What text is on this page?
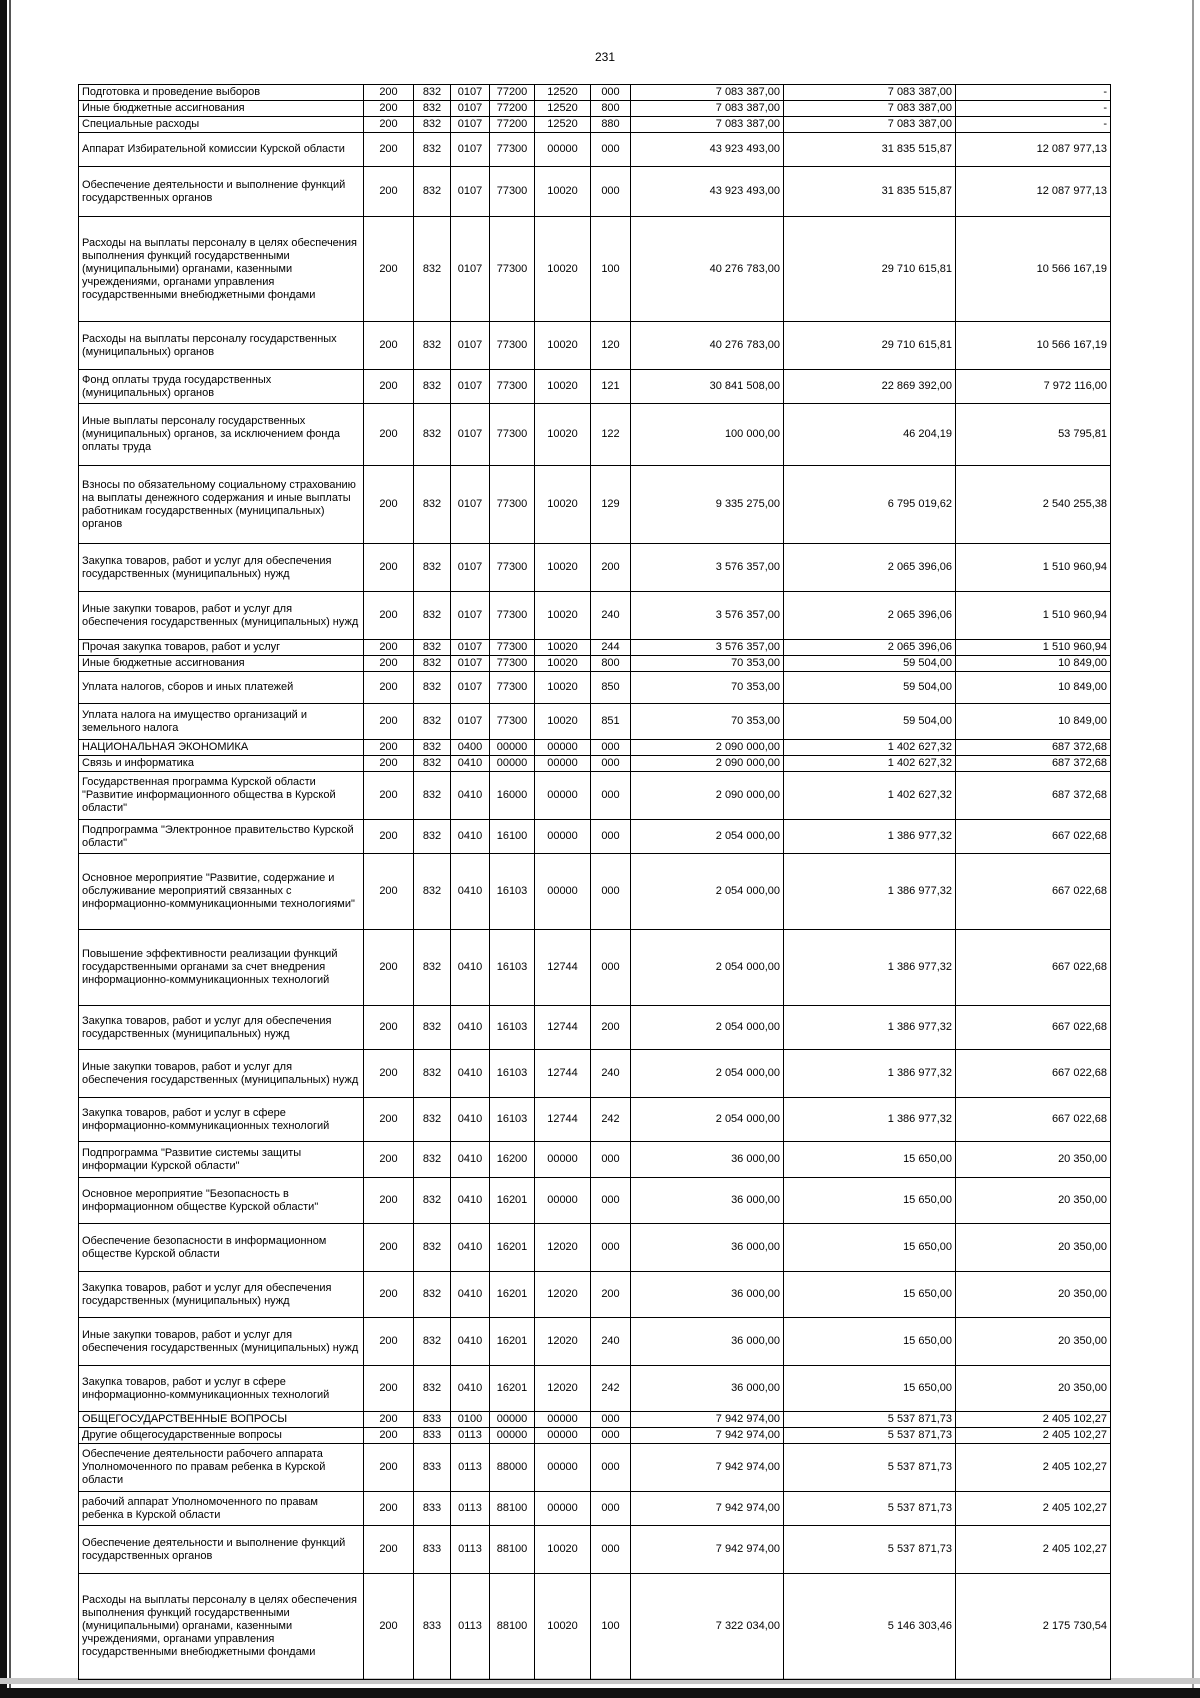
231
Подготовка и проведение выборов	200	832	0107	77200	12520	000	7 083 387,00	7 083 387,00	-
Иные бюджетные ассигнования	200	832	0107	77200	12520	800	7 083 387,00	7 083 387,00	-
Специальные расходы	200	832	0107	77200	12520	880	7 083 387,00	7 083 387,00	-
Аппарат Избирательной комиссии Курской области	200	832	0107	77300	00000	000	43 923 493,00	31 835 515,87	12 087 977,13
Обеспечение деятельности и выполнение функций государственных органов	200	832	0107	77300	10020	000	43 923 493,00	31 835 515,87	12 087 977,13
Расходы на выплаты персоналу в целях обеспечения выполнения функций государственными (муниципальными) органами, казенными учреждениями, органами управления государственными внебюджетными фондами	200	832	0107	77300	10020	100	40 276 783,00	29 710 615,81	10 566 167,19
Расходы на выплаты персоналу государственных (муниципальных) органов	200	832	0107	77300	10020	120	40 276 783,00	29 710 615,81	10 566 167,19
Фонд оплаты труда государственных (муниципальных) органов	200	832	0107	77300	10020	121	30 841 508,00	22 869 392,00	7 972 116,00
Иные выплаты персоналу государственных (муниципальных) органов, за исключением фонда оплаты труда	200	832	0107	77300	10020	122	100 000,00	46 204,19	53 795,81
Взносы по обязательному социальному страхованию на выплаты денежного содержания и иные выплаты работникам государственных (муниципальных) органов	200	832	0107	77300	10020	129	9 335 275,00	6 795 019,62	2 540 255,38
Закупка товаров, работ и услуг для обеспечения государственных (муниципальных) нужд	200	832	0107	77300	10020	200	3 576 357,00	2 065 396,06	1 510 960,94
Иные закупки товаров, работ и услуг для обеспечения государственных (муниципальных) нужд	200	832	0107	77300	10020	240	3 576 357,00	2 065 396,06	1 510 960,94
Прочая закупка товаров, работ и услуг	200	832	0107	77300	10020	244	3 576 357,00	2 065 396,06	1 510 960,94
Иные бюджетные ассигнования	200	832	0107	77300	10020	800	70 353,00	59 504,00	10 849,00
Уплата налогов, сборов и иных платежей	200	832	0107	77300	10020	850	70 353,00	59 504,00	10 849,00
Уплата налога на имущество организаций и земельного налога	200	832	0107	77300	10020	851	70 353,00	59 504,00	10 849,00
НАЦИОНАЛЬНАЯ ЭКОНОМИКА	200	832	0400	00000	00000	000	2 090 000,00	1 402 627,32	687 372,68
Связь и информатика	200	832	0410	00000	00000	000	2 090 000,00	1 402 627,32	687 372,68
Государственная программа Курской области "Развитие информационного общества в Курской области"	200	832	0410	16000	00000	000	2 090 000,00	1 402 627,32	687 372,68
Подпрограмма "Электронное правительство Курской области"	200	832	0410	16100	00000	000	2 054 000,00	1 386 977,32	667 022,68
Основное мероприятие "Развитие, содержание и обслуживание мероприятий связанных с информационно-коммуникационными технологиями"	200	832	0410	16103	00000	000	2 054 000,00	1 386 977,32	667 022,68
Повышение эффективности реализации функций государственными органами за счет внедрения информационно-коммуникационных технологий	200	832	0410	16103	12744	000	2 054 000,00	1 386 977,32	667 022,68
Закупка товаров, работ и услуг для обеспечения государственных (муниципальных) нужд	200	832	0410	16103	12744	200	2 054 000,00	1 386 977,32	667 022,68
Иные закупки товаров, работ и услуг для обеспечения государственных (муниципальных) нужд	200	832	0410	16103	12744	240	2 054 000,00	1 386 977,32	667 022,68
Закупка товаров, работ и услуг в сфере информационно-коммуникационных технологий	200	832	0410	16103	12744	242	2 054 000,00	1 386 977,32	667 022,68
Подпрограмма "Развитие системы защиты информации Курской области"	200	832	0410	16200	00000	000	36 000,00	15 650,00	20 350,00
Основное мероприятие "Безопасность в информационном обществе Курской области"	200	832	0410	16201	00000	000	36 000,00	15 650,00	20 350,00
Обеспечение безопасности в информационном обществе Курской области	200	832	0410	16201	12020	000	36 000,00	15 650,00	20 350,00
Закупка товаров, работ и услуг для обеспечения государственных (муниципальных) нужд	200	832	0410	16201	12020	200	36 000,00	15 650,00	20 350,00
Иные закупки товаров, работ и услуг для обеспечения государственных (муниципальных) нужд	200	832	0410	16201	12020	240	36 000,00	15 650,00	20 350,00
Закупка товаров, работ и услуг в сфере информационно-коммуникационных технологий	200	832	0410	16201	12020	242	36 000,00	15 650,00	20 350,00
ОБЩЕГОСУДАРСТВЕННЫЕ ВОПРОСЫ	200	833	0100	00000	00000	000	7 942 974,00	5 537 871,73	2 405 102,27
Другие общегосударственные вопросы	200	833	0113	00000	00000	000	7 942 974,00	5 537 871,73	2 405 102,27
Обеспечение деятельности рабочего аппарата Уполномоченного по правам ребенка в Курской области	200	833	0113	88000	00000	000	7 942 974,00	5 537 871,73	2 405 102,27
рабочий аппарат Уполномоченного по правам ребенка в Курской области	200	833	0113	88100	00000	000	7 942 974,00	5 537 871,73	2 405 102,27
Обеспечение деятельности и выполнение функций государственных органов	200	833	0113	88100	10020	000	7 942 974,00	5 537 871,73	2 405 102,27
Расходы на выплаты персоналу в целях обеспечения выполнения функций государственными (муниципальными) органами, казенными учреждениями, органами управления государственными внебюджетными фондами	200	833	0113	88100	10020	100	7 322 034,00	5 146 303,46	2 175 730,54
